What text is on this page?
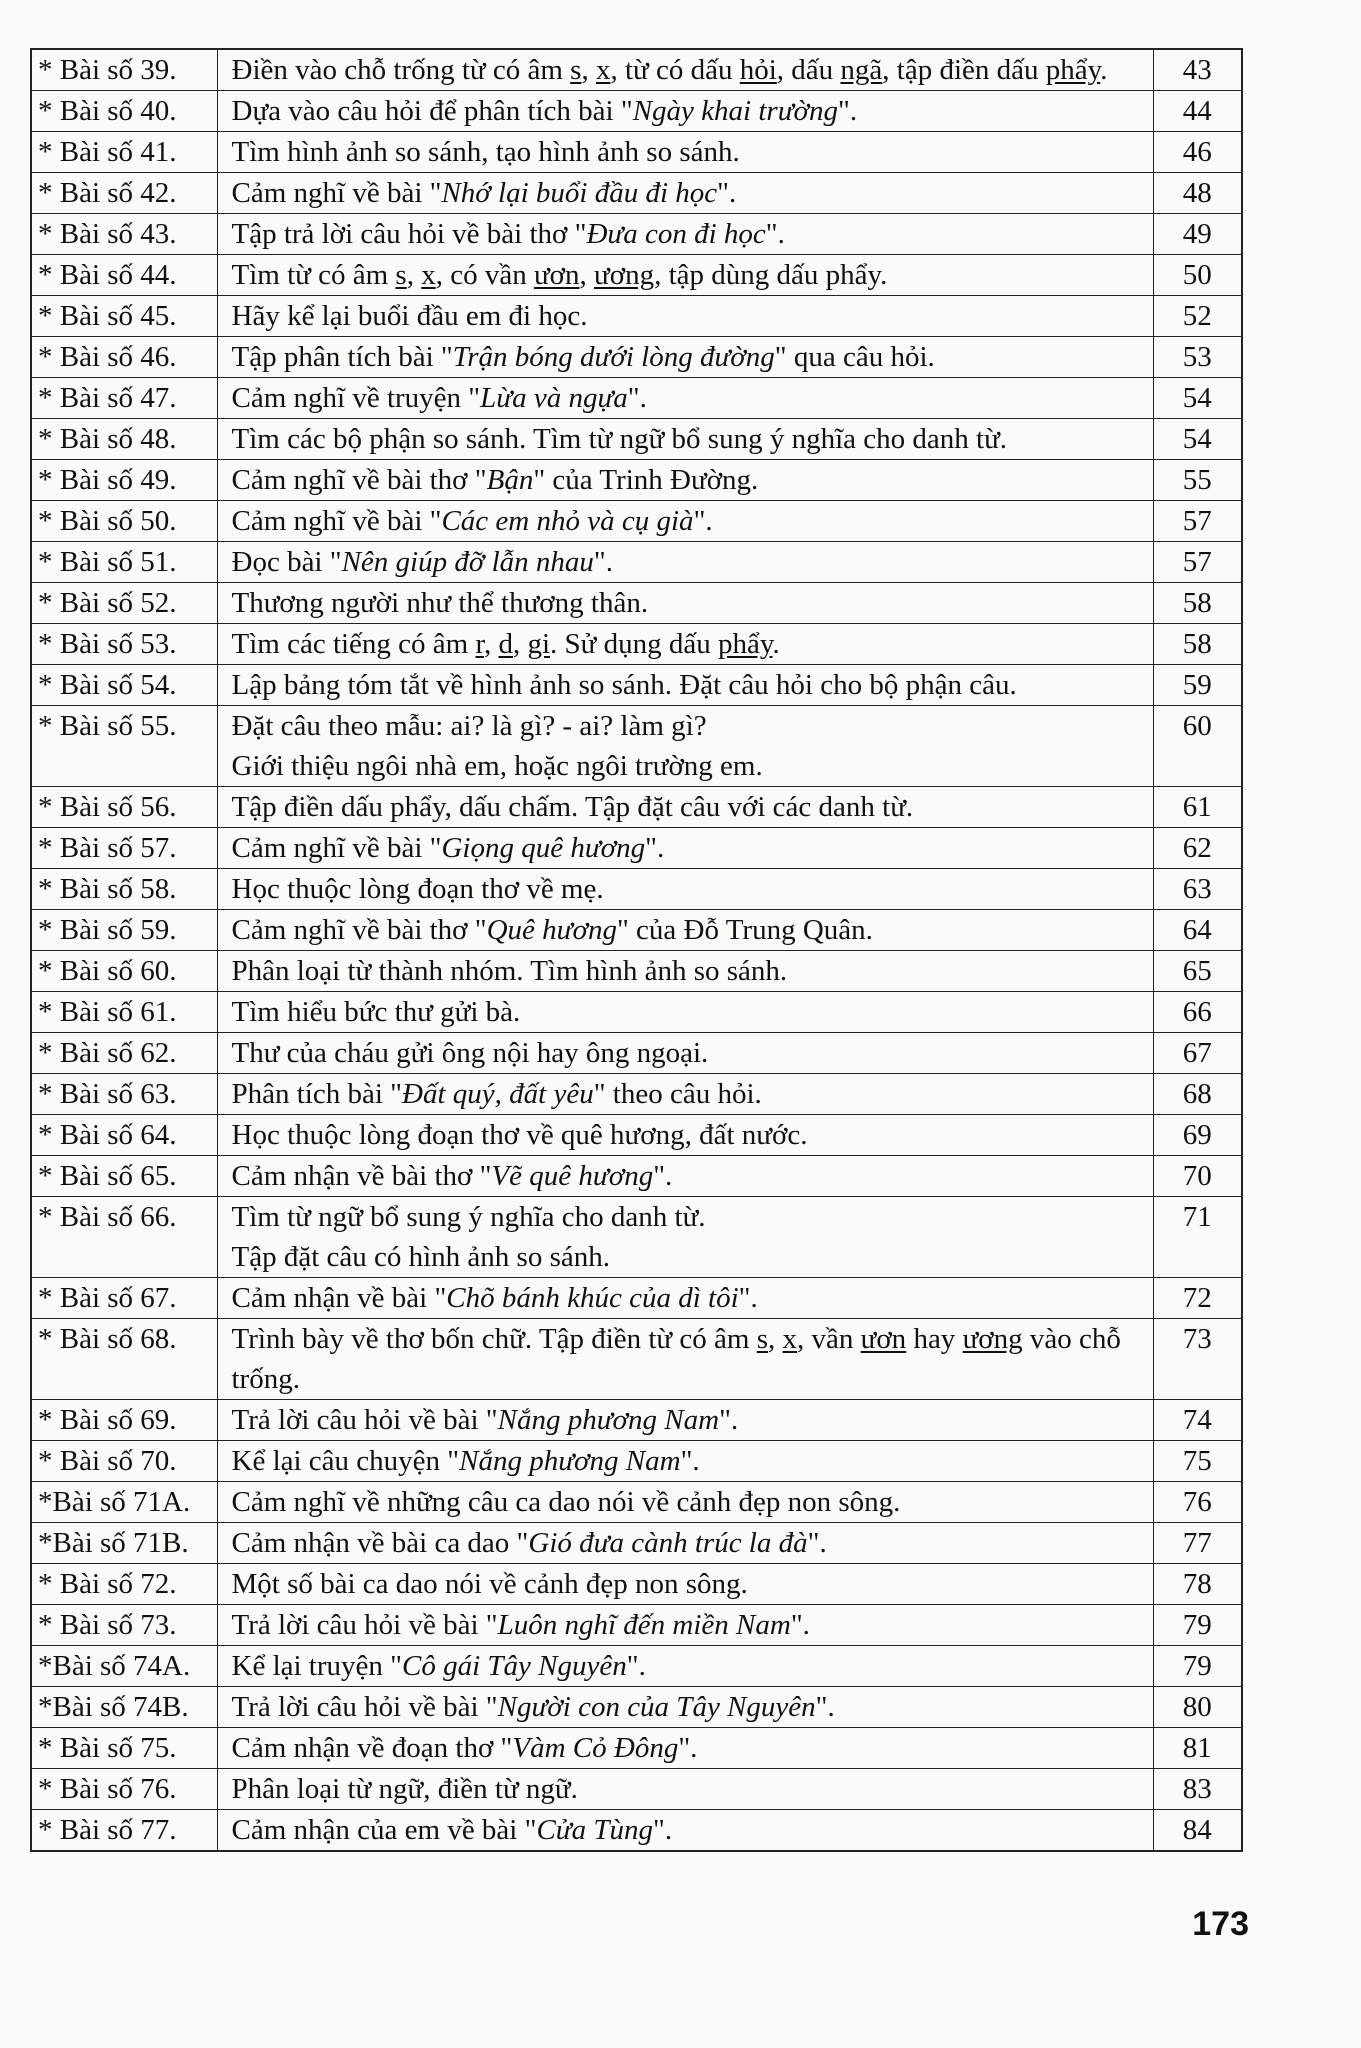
* Bài số 39.	Điền vào chỗ trống từ có âm s, x, từ có dấu hỏi, dấu ngã, tập điền dấu phẩy.	43
* Bài số 40.	Dựa vào câu hỏi để phân tích bài "Ngày khai trường".	44
* Bài số 41.	Tìm hình ảnh so sánh, tạo hình ảnh so sánh.	46
* Bài số 42.	Cảm nghĩ về bài "Nhớ lại buổi đầu đi học".	48
* Bài số 43.	Tập trả lời câu hỏi về bài thơ "Đưa con đi học".	49
* Bài số 44.	Tìm từ có âm s, x, có vần ươn, ương, tập dùng dấu phẩy.	50
* Bài số 45.	Hãy kể lại buổi đầu em đi học.	52
* Bài số 46.	Tập phân tích bài "Trận bóng dưới lòng đường" qua câu hỏi.	53
* Bài số 47.	Cảm nghĩ về truyện "Lừa và ngựa".	54
* Bài số 48.	Tìm các bộ phận so sánh. Tìm từ ngữ bổ sung ý nghĩa cho danh từ.	54
* Bài số 49.	Cảm nghĩ về bài thơ "Bận" của Trinh Đường.	55
* Bài số 50.	Cảm nghĩ về bài "Các em nhỏ và cụ già".	57
* Bài số 51.	Đọc bài "Nên giúp đỡ lẫn nhau".	57
* Bài số 52.	Thương người như thể thương thân.	58
* Bài số 53.	Tìm các tiếng có âm r, d, gi. Sử dụng dấu phẩy.	58
* Bài số 54.	Lập bảng tóm tắt về hình ảnh so sánh. Đặt câu hỏi cho bộ phận câu.	59
* Bài số 55.	Đặt câu theo mẫu: ai? là gì? - ai? làm gì?
Giới thiệu ngôi nhà em, hoặc ngôi trường em.	60
* Bài số 56.	Tập điền dấu phẩy, dấu chấm. Tập đặt câu với các danh từ.	61
* Bài số 57.	Cảm nghĩ về bài "Giọng quê hương".	62
* Bài số 58.	Học thuộc lòng đoạn thơ về mẹ.	63
* Bài số 59.	Cảm nghĩ về bài thơ "Quê hương" của Đỗ Trung Quân.	64
* Bài số 60.	Phân loại từ thành nhóm. Tìm hình ảnh so sánh.	65
* Bài số 61.	Tìm hiểu bức thư gửi bà.	66
* Bài số 62.	Thư của cháu gửi ông nội hay ông ngoại.	67
* Bài số 63.	Phân tích bài "Đất quý, đất yêu" theo câu hỏi.	68
* Bài số 64.	Học thuộc lòng đoạn thơ về quê hương, đất nước.	69
* Bài số 65.	Cảm nhận về bài thơ "Vẽ quê hương".	70
* Bài số 66.	Tìm từ ngữ bổ sung ý nghĩa cho danh từ.
Tập đặt câu có hình ảnh so sánh.	71
* Bài số 67.	Cảm nhận về bài "Chõ bánh khúc của dì tôi".	72
* Bài số 68.	Trình bày về thơ bốn chữ. Tập điền từ có âm s, x, vần ươn hay ương vào chỗ trống.	73
* Bài số 69.	Trả lời câu hỏi về bài "Nắng phương Nam".	74
* Bài số 70.	Kể lại câu chuyện "Nắng phương Nam".	75
*Bài số 71A.	Cảm nghĩ về những câu ca dao nói về cảnh đẹp non sông.	76
*Bài số 71B.	Cảm nhận về bài ca dao "Gió đưa cành trúc la đà".	77
* Bài số 72.	Một số bài ca dao nói về cảnh đẹp non sông.	78
* Bài số 73.	Trả lời câu hỏi về bài "Luôn nghĩ đến miền Nam".	79
*Bài số 74A.	Kể lại truyện "Cô gái Tây Nguyên".	79
*Bài số 74B.	Trả lời câu hỏi về bài "Người con của Tây Nguyên".	80
* Bài số 75.	Cảm nhận về đoạn thơ "Vàm Cỏ Đông".	81
* Bài số 76.	Phân loại từ ngữ, điền từ ngữ.	83
* Bài số 77.	Cảm nhận của em về bài "Cửa Tùng".	84
173
